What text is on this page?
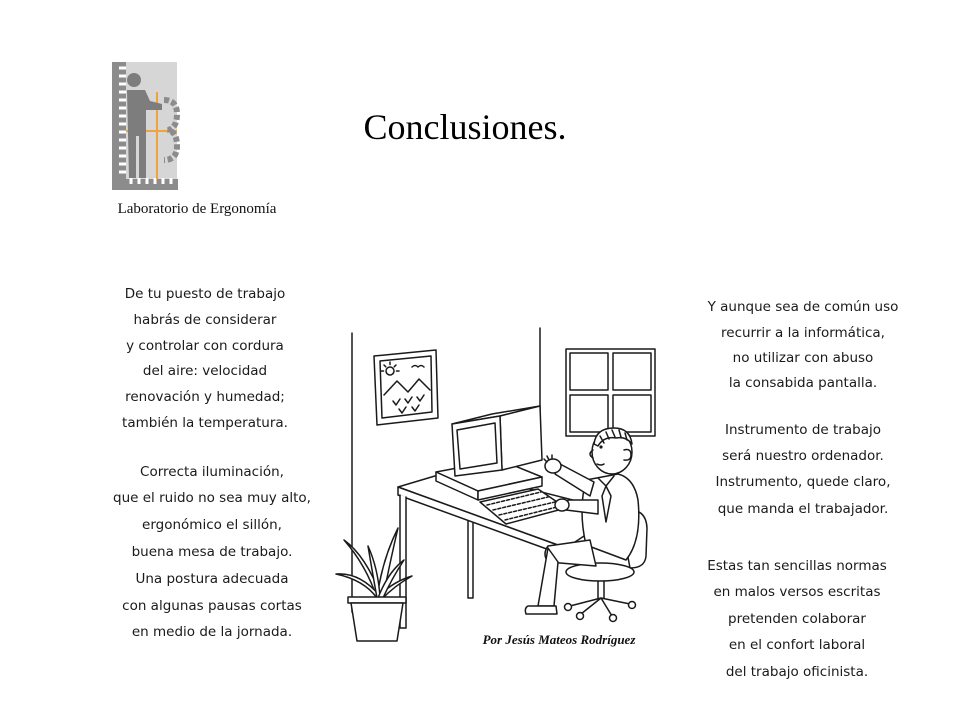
Laboratorio de Ergonomía
Conclusiones.
De tu puesto de trabajo
habrás de considerar
y controlar con cordura
del aire: velocidad
renovación y humedad;
también la temperatura.
Correcta iluminación,
que el ruido no sea muy alto,
ergonómico el sillón,
buena mesa de trabajo.
Una postura adecuada
con algunas pausas cortas
en medio de la jornada.
Y aunque sea de común uso
recurrir a la informática,
no utilizar con abuso
la consabida pantalla.
Instrumento de trabajo
será nuestro ordenador.
Instrumento, quede claro,
que manda el trabajador.
Estas tan sencillas normas
en malos versos escritas
pretenden colaborar
en el confort laboral
del trabajo oficinista.
Por Jesús Mateos Rodríguez
